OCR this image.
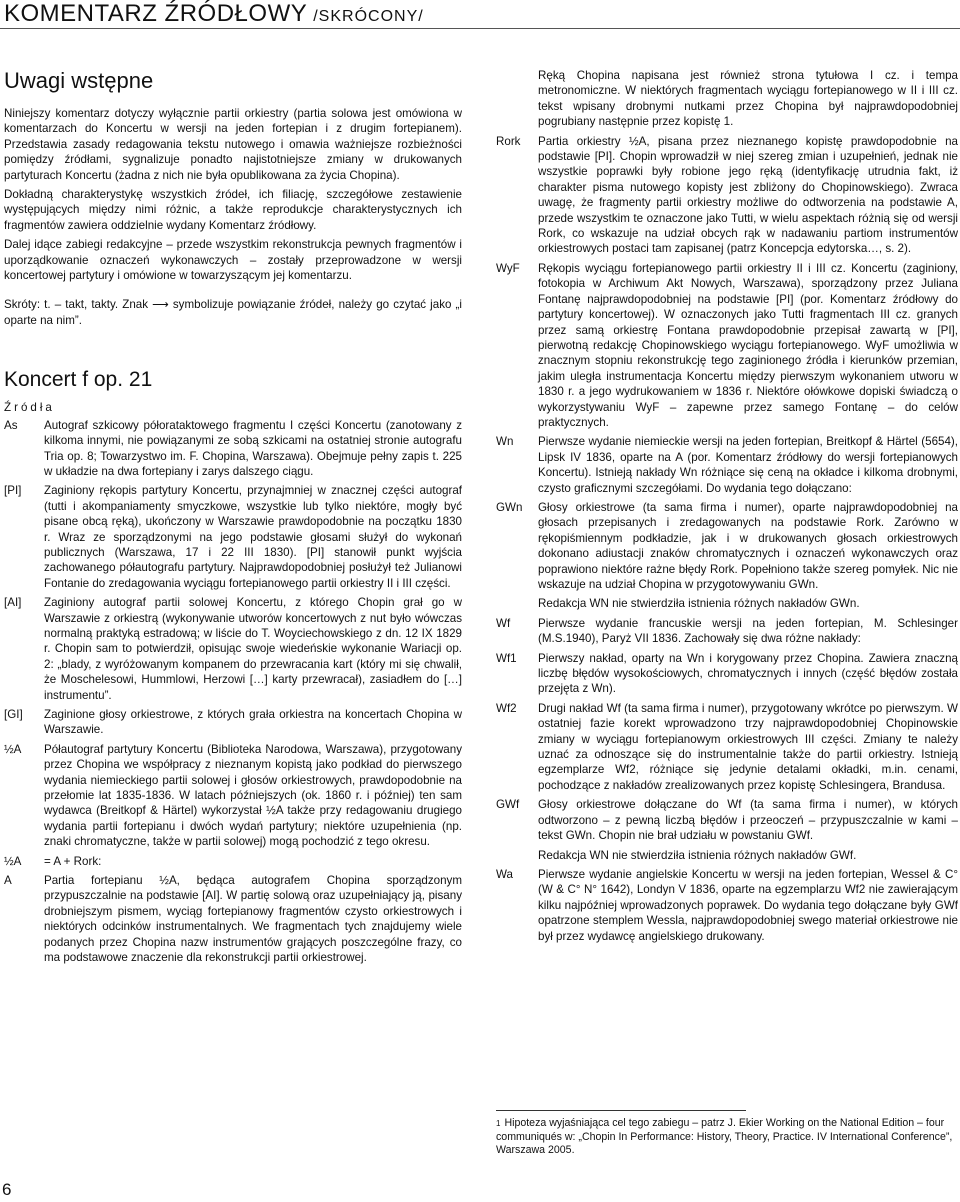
KOMENTARZ ŹRÓDŁOWY /SKRÓCONY/
Uwagi wstępne

Niniejszy komentarz dotyczy wyłącznie partii orkiestry (partia solowa jest omówiona w komentarzach do Koncertu w wersji na jeden fortepian i z drugim fortepianem). Przedstawia zasady redagowania tekstu nutowego i omawia ważniejsze rozbieżności pomiędzy źródłami, sygnalizuje ponadto najistotniejsze zmiany w drukowanych partyturach Koncertu (żadna z nich nie była opublikowana za życia Chopina).

Dokładną charakterystykę wszystkich źródeł, ich filiację, szczegółowe zestawienie występujących między nimi różnic, a także reprodukcje charakterystycznych ich fragmentów zawiera oddzielnie wydany Komentarz źródłowy.

Dalej idące zabiegi redakcyjne – przede wszystkim rekonstrukcja pewnych fragmentów i uporządkowanie oznaczeń wykonawczych – zostały przeprowadzone w wersji koncertowej partytury i omówione w towarzyszącym jej komentarzu.

Skróty: t. – takt, takty. Znak ⟶ symbolizuje powiązanie źródeł, należy go czytać jako „i oparte na nim”.

Koncert f op. 21
Źródła
As	Autograf szkicowy półorataktowego fragmentu I części Koncertu (zanotowany z kilkoma innymi, nie powiązanymi ze sobą szkicami na ostatniej stronie autografu Tria op. 8; Towarzystwo im. F. Chopina, Warszawa). Obejmuje pełny zapis t. 225 w układzie na dwa fortepiany i zarys dalszego ciągu.
[PI]	Zaginiony rękopis partytury Koncertu, przynajmniej w znacznej części autograf (tutti i akompaniamenty smyczkowe, wszystkie lub tylko niektóre, mogły być pisane obcą ręką), ukończony w Warszawie prawdopodobnie na początku 1830 r. Wraz ze sporządzonymi na jego podstawie głosami służył do wykonań publicznych (Warszawa, 17 i 22 III 1830). [PI] stanowił punkt wyjścia zachowanego półautografu partytury. Najprawdopodobniej posłużył też Julianowi Fontanie do zredagowania wyciągu fortepianowego partii orkiestry II i III części.
[AI]	Zaginiony autograf partii solowej Koncertu, z którego Chopin grał go w Warszawie z orkiestrą (wykonywanie utworów koncertowych z nut było wówczas normalną praktyką estradową; w liście do T. Woyciechowskiego z dn. 12 IX 1829 r. Chopin sam to potwierdził, opisując swoje wiedeńskie wykonanie Wariacji op. 2: „blady, z wyróżowanym kompanem do przewracania kart (który mi się chwalił, że Moschelesowi, Hummlowi, Herzowi […] karty przewracał), zasiadłem do […] instrumentu”.
[GI]	Zaginione głosy orkiestrowe, z których grała orkiestra na koncertach Chopina w Warszawie.
½A	Półautograf partytury Koncertu (Biblioteka Narodowa, Warszawa), przygotowany przez Chopina we współpracy z nieznanym kopistą jako podkład do pierwszego wydania niemieckiego partii solowej i głosów orkiestrowych, prawdopodobnie na przełomie lat 1835-1836. W latach późniejszych (ok. 1860 r. i później) ten sam wydawca (Breitkopf & Härtel) wykorzystał ½A także przy redagowaniu drugiego wydania partii fortepianu i dwóch wydań partytury; niektóre uzupełnienia (np. znaki chromatyczne, także w partii solowej) mogą pochodzić z tego okresu.
½A	= A + Rork:
A	Partia fortepianu ½A, będąca autografem Chopina sporządzonym przypuszczalnie na podstawie [AI]. W partię solową oraz uzupełniający ją, pisany drobniejszym pismem, wyciąg fortepianowy fragmentów czysto orkiestrowych i niektórych odcinków instrumentalnych. We fragmentach tych znajdujemy wiele podanych przez Chopina nazw instrumentów grających poszczególne frazy, co ma podstawowe znaczenie dla rekonstrukcji partii orkiestrowej.

Ręką Chopina napisana jest również strona tytułowa I cz. i tempa metronomiczne. W niektórych fragmentach wyciągu fortepianowego w II i III cz. tekst wpisany drobnymi nutkami przez Chopina był najprawdopodobniej pogrubiany następnie przez kopistę 1.

Rork	Partia orkiestry ½A, pisana przez nieznanego kopistę prawdopodobnie na podstawie [PI]. Chopin wprowadził w niej szereg zmian i uzupełnień, jednak nie wszystkie poprawki były robione jego ręką (identyfikację utrudnia fakt, iż charakter pisma nutowego kopisty jest zbliżony do Chopinowskiego). Zwraca uwagę, że fragmenty partii orkiestry możliwe do odtworzenia na podstawie A, przede wszystkim te oznaczone jako Tutti, w wielu aspektach różnią się od wersji Rork, co wskazuje na udział obcych rąk w nadawaniu partiom instrumentów orkiestrowych postaci tam zapisanej (patrz Koncepcja edytorska…, s. 2).
WyF	Rękopis wyciągu fortepianowego partii orkiestry II i III cz. Koncertu (zaginiony, fotokopia w Archiwum Akt Nowych, Warszawa), sporządzony przez Juliana Fontanę najprawdopodobniej na podstawie [PI] (por. Komentarz źródłowy do partytury koncertowej). W oznaczonych jako Tutti fragmentach III cz. granych przez samą orkiestrę Fontana prawdopodobnie przepisał zawartą w [PI], pierwotną redakcję Chopinowskiego wyciągu fortepianowego. WyF umożliwia w znacznym stopniu rekonstrukcję tego zaginionego źródła i kierunków przemian, jakim uległa instrumentacja Koncertu między pierwszym wykonaniem utworu w 1830 r. a jego wydrukowaniem w 1836 r. Niektóre ołówkowe dopiski świadczą o wykorzystywaniu WyF – zapewne przez samego Fontanę – do celów praktycznych.
Wn	Pierwsze wydanie niemieckie wersji na jeden fortepian, Breitkopf & Härtel (5654), Lipsk IV 1836, oparte na A (por. Komentarz źródłowy do wersji fortepianowych Koncertu). Istnieją nakłady Wn różniące się ceną na okładce i kilkoma drobnymi, czysto graficznymi szczegółami. Do wydania tego dołączano:
GWn	Głosy orkiestrowe (ta sama firma i numer), oparte najprawdopodobniej na głosach przepisanych i zredagowanych na podstawie Rork. Zarówno w rękopiśmiennym podkładzie, jak i w drukowanych głosach orkiestrowych dokonano adiustacji znaków chromatycznych i oznaczeń wykonawczych oraz poprawiono niektóre rażne błędy Rork. Popełniono także szereg pomyłek. Nic nie wskazuje na udział Chopina w przygotowywaniu GWn.
Redakcja WN nie stwierdziła istnienia różnych nakładów GWn.
Wf	Pierwsze wydanie francuskie wersji na jeden fortepian, M. Schlesinger (M.S.1940), Paryż VII 1836. Zachowały się dwa różne nakłady:
Wf1	Pierwszy nakład, oparty na Wn i korygowany przez Chopina. Zawiera znaczną liczbę błędów wysokościowych, chromatycznych i innych (część błędów została przejęta z Wn).
Wf2	Drugi nakład Wf (ta sama firma i numer), przygotowany wkrótce po pierwszym. W ostatniej fazie korekt wprowadzono trzy najprawdopodobniej Chopinowskie zmiany w wyciągu fortepianowym orkiestrowych III części. Zmiany te należy uznać za odnoszące się do instrumentalnie także do partii orkiestry. Istnieją egzemplarze Wf2, różniące się jedynie detalami okładki, m.in. cenami, pochodzące z nakładów zrealizowanych przez kopistę Schlesingera, Brandusa.
GWf	Głosy orkiestrowe dołączane do Wf (ta sama firma i numer), w których odtworzono – z pewną liczbą błędów i przeoczeń – przypuszczalnie w kami – tekst GWn. Chopin nie brał udziału w powstaniu GWf.
Redakcja WN nie stwierdziła istnienia różnych nakładów GWf.
Wa	Pierwsze wydanie angielskie Koncertu w wersji na jeden fortepian, Wessel & C° (W & C° N° 1642), Londyn V 1836, oparte na egzemplarzu Wf2 nie zawierającym kilku najpóźniej wprowadzonych poprawek. Do wydania tego dołączane były GWf opatrzone stemplem Wessla, najprawdopodobniej swego materiał orkiestrowe nie był przez wydawcę angielskiego drukowany.
$^1$ Hipoteza wyjaśniająca cel tego zabiegu – patrz J. Ekier Working on the National Edition – four communiqués w: „Chopin In Performance: History, Theory, Practice. IV International Conference”, Warszawa 2005.
6
